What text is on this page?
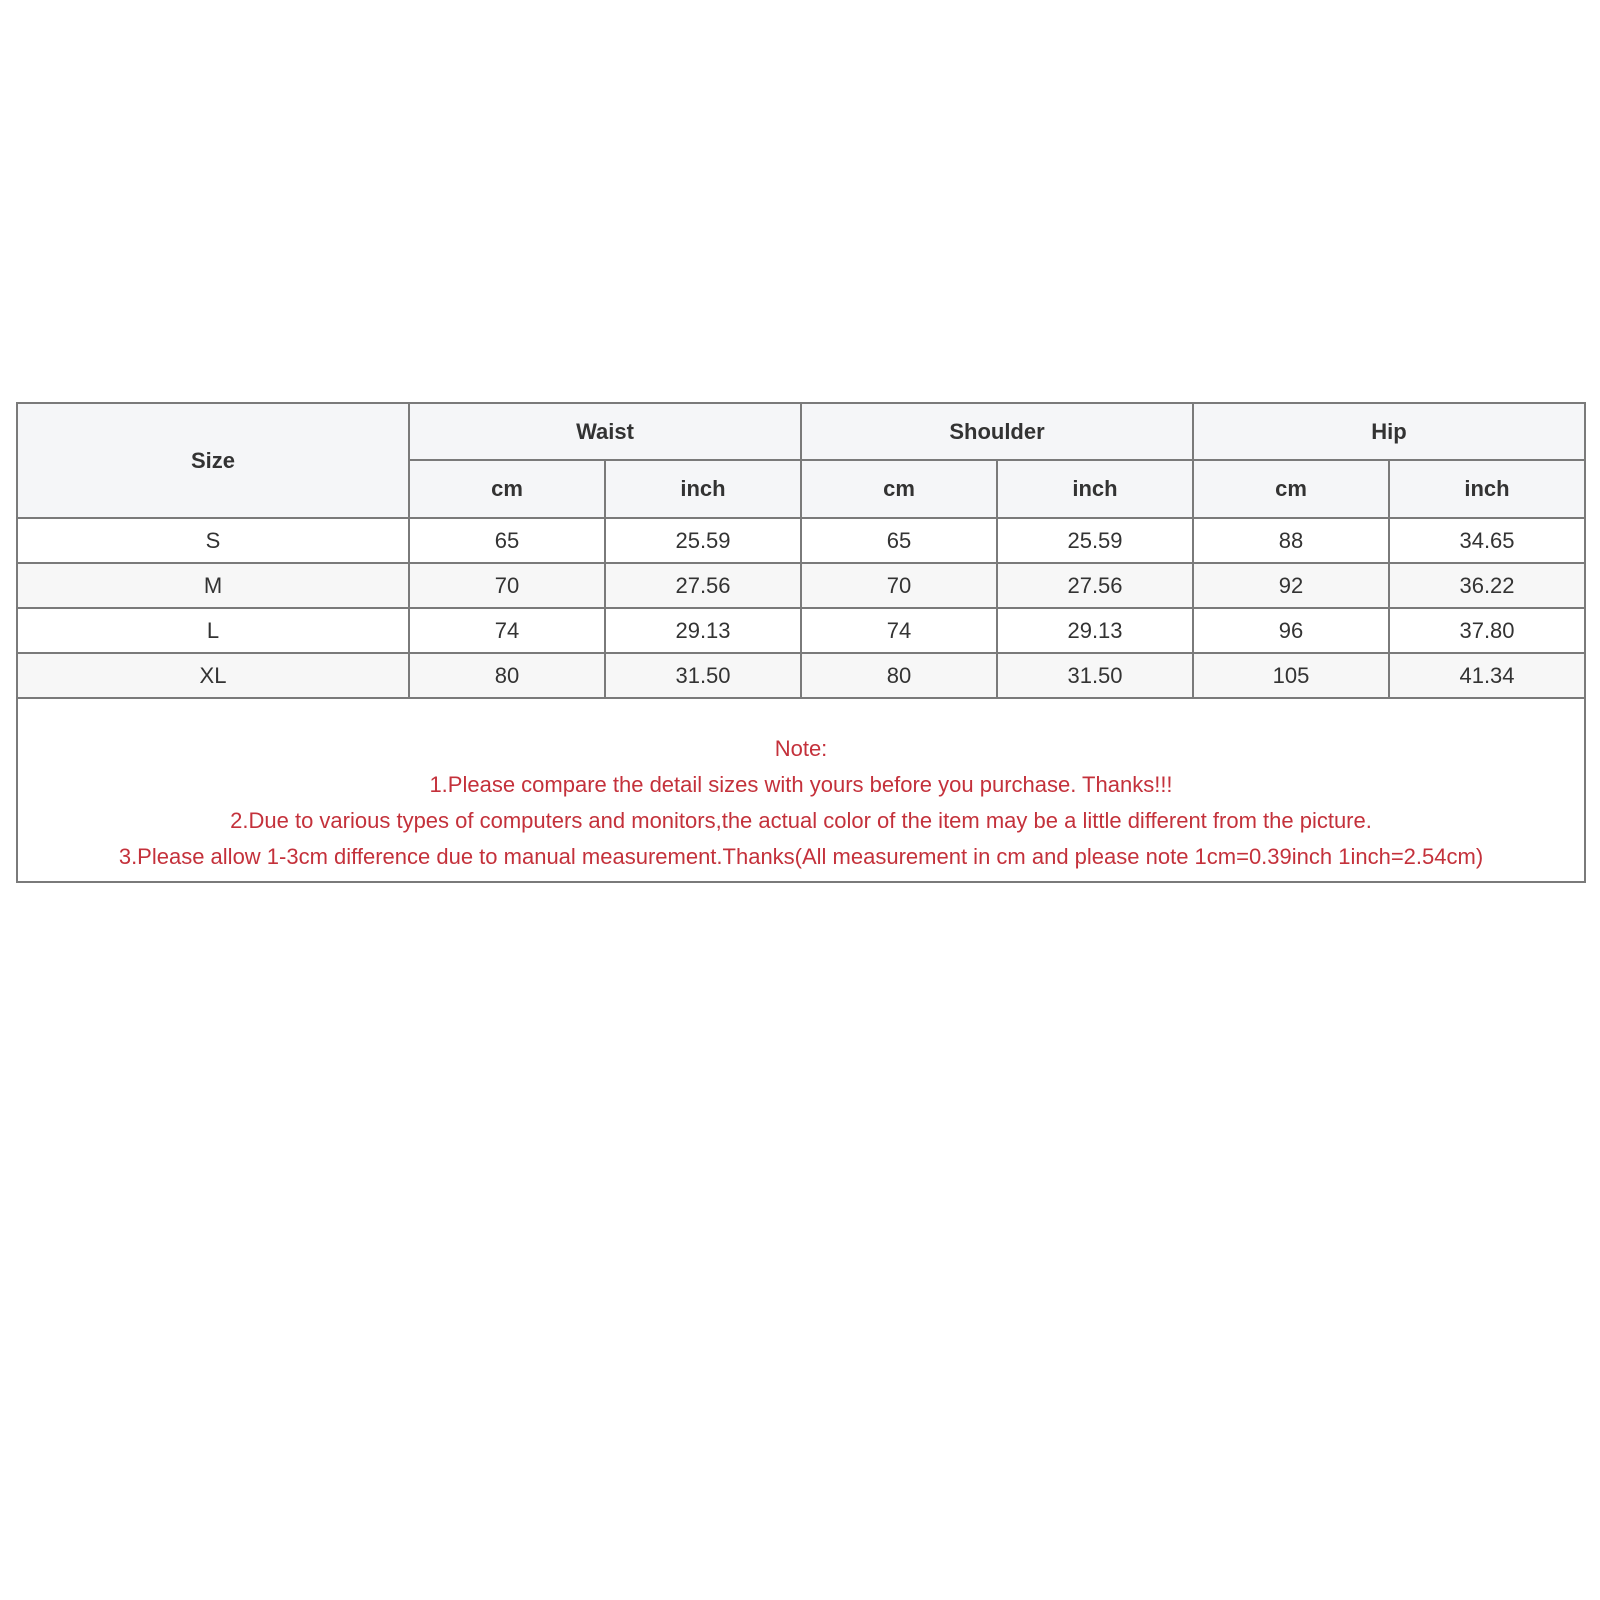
Size	Waist		Shoulder		Hip	
	cm	inch	cm	inch	cm	inch
S	65	25.59	65	25.59	88	34.65
M	70	27.56	70	27.56	92	36.22
L	74	29.13	74	29.13	96	37.80
XL	80	31.50	80	31.50	105	41.34

Note:
1.Please compare the detail sizes with yours before you purchase. Thanks!!!
2.Due to various types of computers and monitors,the actual color of the item may be a little different from the picture.
3.Please allow 1-3cm difference due to manual measurement.Thanks(All measurement in cm and please note 1cm=0.39inch 1inch=2.54cm)						
